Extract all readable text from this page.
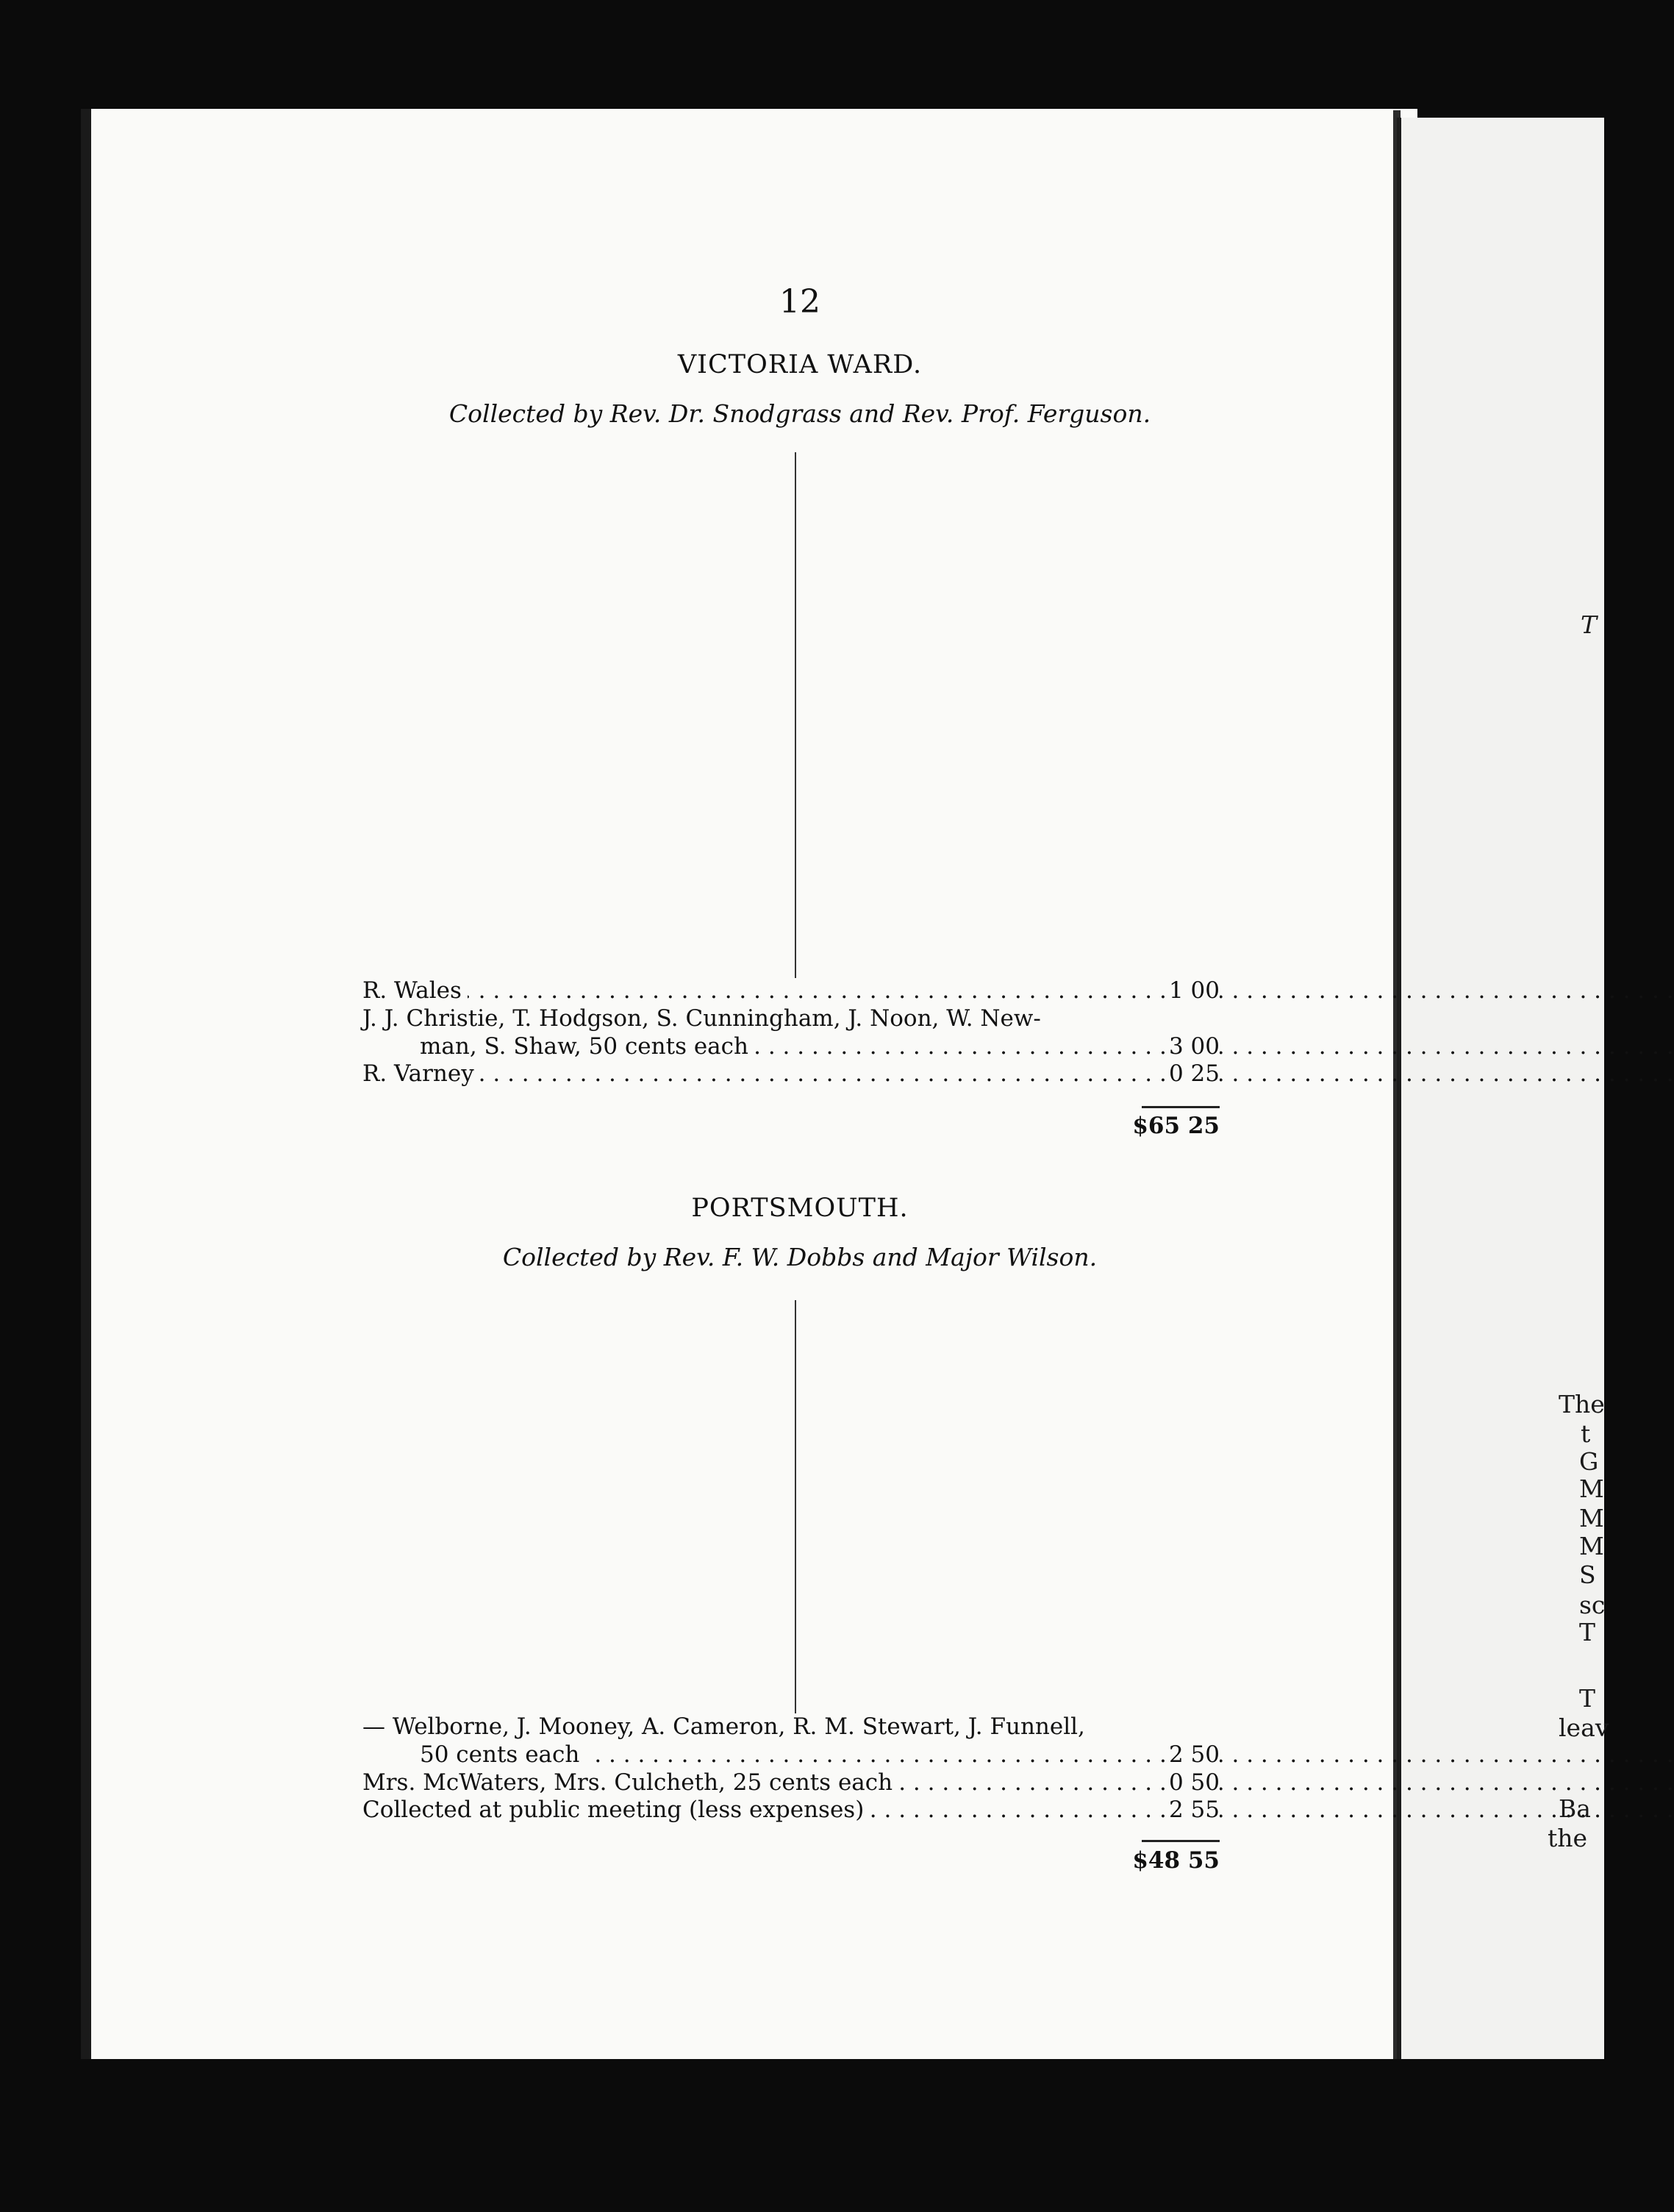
12
VICTORIA WARD.
Collected by Rev. Dr. Snodgrass and Rev. Prof. Ferguson.
. . .
R. Wales	1 00
J. J. Christie, T. Hodgson, S. Cunningham, J. Noon, W. New-
. . .
man, S. Shaw, 50 cents each	3 00
. . .
R. Varney	0 25
$65 25
PORTSMOUTH.
Collected by Rev. F. W. Dobbs and Major Wilson.
— Welborne, J. Mooney, A. Cameron, R. M. Stewart, J. Funnell,
. . .
50 cents each	2 50
. . .
Mrs. McWaters, Mrs. Culcheth, 25 cents each	0 50
. . .
Collected at public meeting (less expenses)	2 55
$48 55
T
The
t
G
M
M
M
S
sc
T
T
leav
Ba
the
